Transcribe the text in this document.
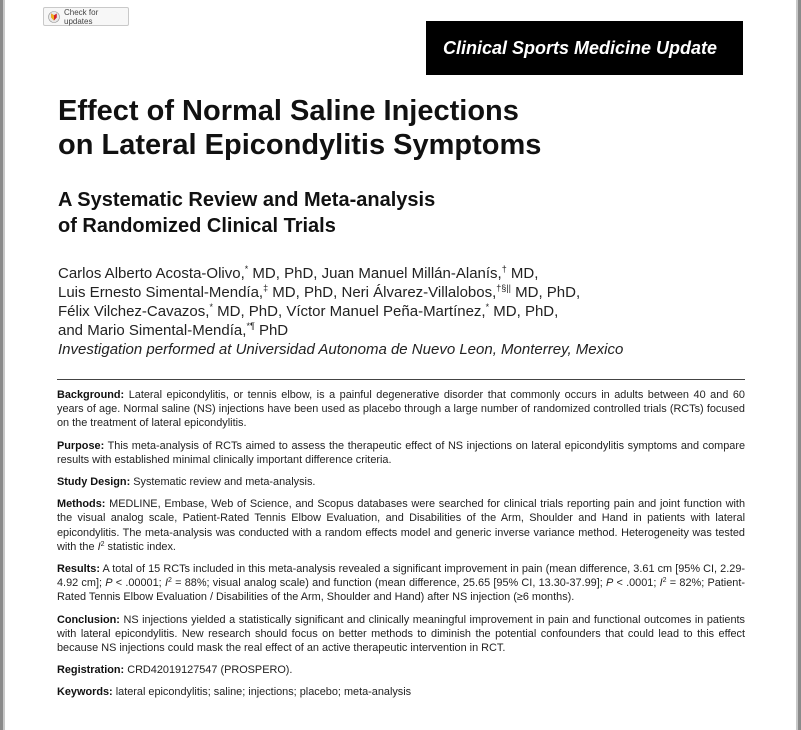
Check for updates
Clinical Sports Medicine Update
Effect of Normal Saline Injections
on Lateral Epicondylitis Symptoms
A Systematic Review and Meta-analysis
of Randomized Clinical Trials
Carlos Alberto Acosta-Olivo,* MD, PhD, Juan Manuel Millán-Alanís,† MD,
Luis Ernesto Simental-Mendía,‡ MD, PhD, Neri Álvarez-Villalobos,†§|| MD, PhD,
Félix Vilchez-Cavazos,* MD, PhD, Víctor Manuel Peña-Martínez,* MD, PhD,
and Mario Simental-Mendía,*¶ PhD
Investigation performed at Universidad Autonoma de Nuevo Leon, Monterrey, Mexico

Background: Lateral epicondylitis, or tennis elbow, is a painful degenerative disorder that commonly occurs in adults between 40 and 60 years of age. Normal saline (NS) injections have been used as placebo through a large number of randomized controlled trials (RCTs) focused on the treatment of lateral epicondylitis.

Purpose: This meta-analysis of RCTs aimed to assess the therapeutic effect of NS injections on lateral epicondylitis symptoms and compare results with established minimal clinically important difference criteria.

Study Design: Systematic review and meta-analysis.

Methods: MEDLINE, Embase, Web of Science, and Scopus databases were searched for clinical trials reporting pain and joint function with the visual analog scale, Patient-Rated Tennis Elbow Evaluation, and Disabilities of the Arm, Shoulder and Hand in patients with lateral epicondylitis. The meta-analysis was conducted with a random effects model and generic inverse variance method. Heterogeneity was tested with the $I^2$ statistic index.

Results: A total of 15 RCTs included in this meta-analysis revealed a significant improvement in pain (mean difference, 3.61 cm [95% CI, 2.29-4.92 cm]; P < .00001; $I^2 = 88\%$; visual analog scale) and function (mean difference, 25.65 [95% CI, 13.30-37.99]; P < .0001; $I^2 = 82\%$; Patient-Rated Tennis Elbow Evaluation / Disabilities of the Arm, Shoulder and Hand) after NS injection (≥6 months).

Conclusion: NS injections yielded a statistically significant and clinically meaningful improvement in pain and functional outcomes in patients with lateral epicondylitis. New research should focus on better methods to diminish the potential confounders that could lead to this effect because NS injections could mask the real effect of an active therapeutic intervention in RCT.

Registration: CRD42019127547 (PROSPERO).

Keywords: lateral epicondylitis; saline; injections; placebo; meta-analysis
